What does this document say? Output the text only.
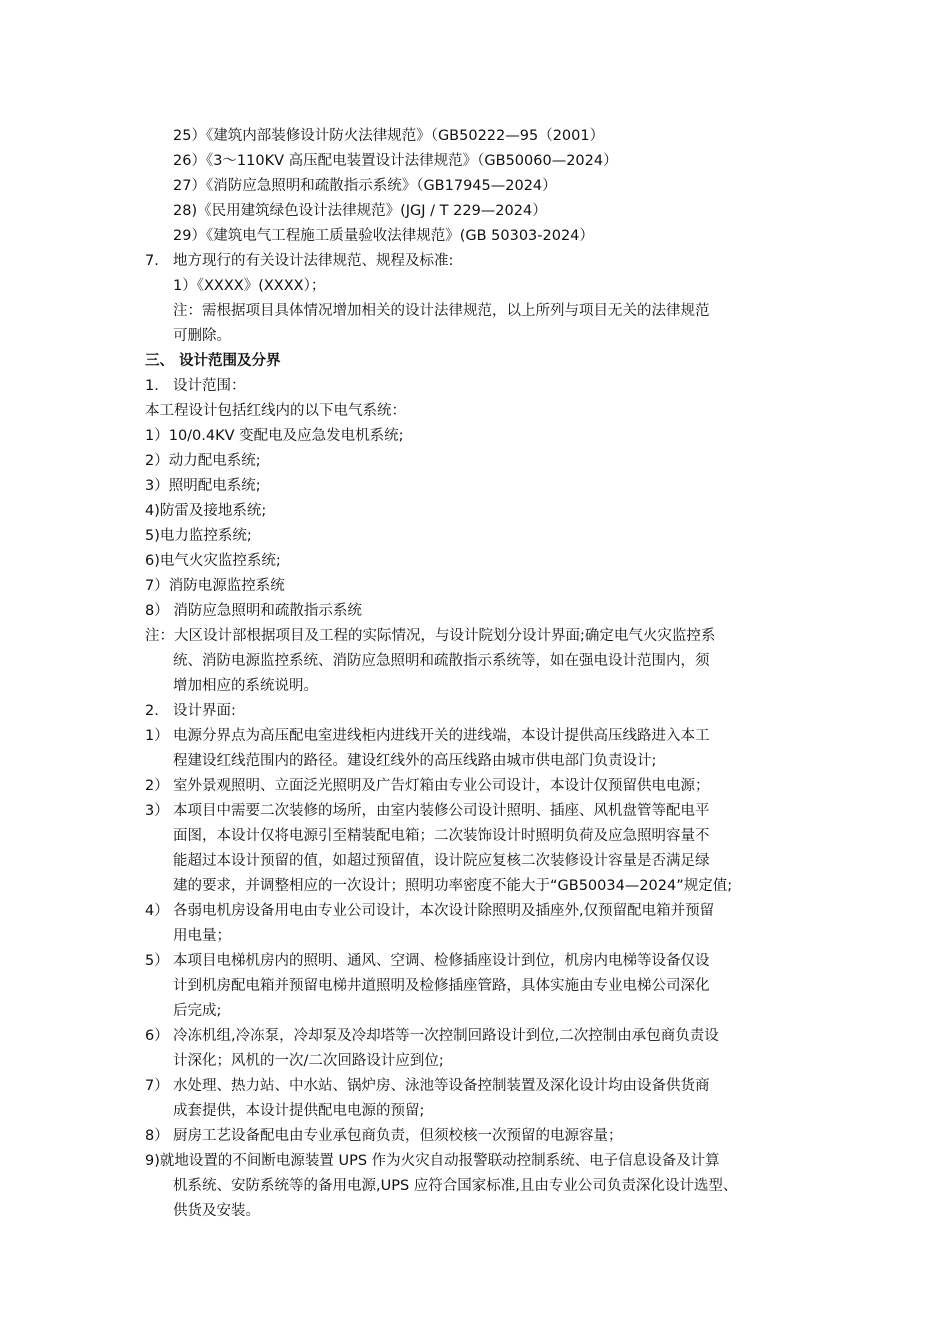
25）《建筑内部装修设计防火法律规范》（GB50222—95（2001）
26）《3～110KV 高压配电装置设计法律规范》（GB50060—2024）
27）《消防应急照明和疏散指示系统》（GB17945—2024）
28)《民用建筑绿色设计法律规范》(JGJ / T 229—2024）
29）《建筑电气工程施工质量验收法律规范》(GB 50303-2024）
7. 地方现行的有关设计法律规范、规程及标准:
1）《XXXX》(XXXX）；
注：需根据项目具体情况增加相关的设计法律规范，以上所列与项目无关的法律规范
可删除。
三、 设计范围及分界
1. 设计范围：
本工程设计包括红线内的以下电气系统：
1）10/0.4KV 变配电及应急发电机系统;
2）动力配电系统;
3）照明配电系统;
4)防雷及接地系统;
5)电力监控系统;
6)电气火灾监控系统;
7）消防电源监控系统
8） 消防应急照明和疏散指示系统
注：大区设计部根据项目及工程的实际情况，与设计院划分设计界面;确定电气火灾监控系
统、消防电源监控系统、消防应急照明和疏散指示系统等，如在强电设计范围内，须
增加相应的系统说明。
2. 设计界面:
1） 电源分界点为高压配电室进线柜内进线开关的进线端，本设计提供高压线路进入本工
程建设红线范围内的路径。建设红线外的高压线路由城市供电部门负责设计;
2） 室外景观照明、立面泛光照明及广告灯箱由专业公司设计，本设计仅预留供电电源；
3） 本项目中需要二次装修的场所，由室内装修公司设计照明、插座、风机盘管等配电平
面图，本设计仅将电源引至精装配电箱；二次装饰设计时照明负荷及应急照明容量不
能超过本设计预留的值，如超过预留值，设计院应复核二次装修设计容量是否满足绿
建的要求，并调整相应的一次设计；照明功率密度不能大于“GB50034—2024”规定值;
4） 各弱电机房设备用电由专业公司设计，本次设计除照明及插座外,仅预留配电箱并预留
用电量；
5） 本项目电梯机房内的照明、通风、空调、检修插座设计到位，机房内电梯等设备仅设
计到机房配电箱并预留电梯井道照明及检修插座管路，具体实施由专业电梯公司深化
后完成;
6） 冷冻机组,冷冻泵，冷却泵及冷却塔等一次控制回路设计到位,二次控制由承包商负责设
计深化；风机的一次/二次回路设计应到位;
7） 水处理、热力站、中水站、锅炉房、泳池等设备控制装置及深化设计均由设备供货商
成套提供，本设计提供配电电源的预留;
8） 厨房工艺设备配电由专业承包商负责，但须校核一次预留的电源容量；
9)就地设置的不间断电源装置 UPS 作为火灾自动报警联动控制系统、电子信息设备及计算
机系统、安防系统等的备用电源,UPS 应符合国家标准,且由专业公司负责深化设计选型、
供货及安装。
